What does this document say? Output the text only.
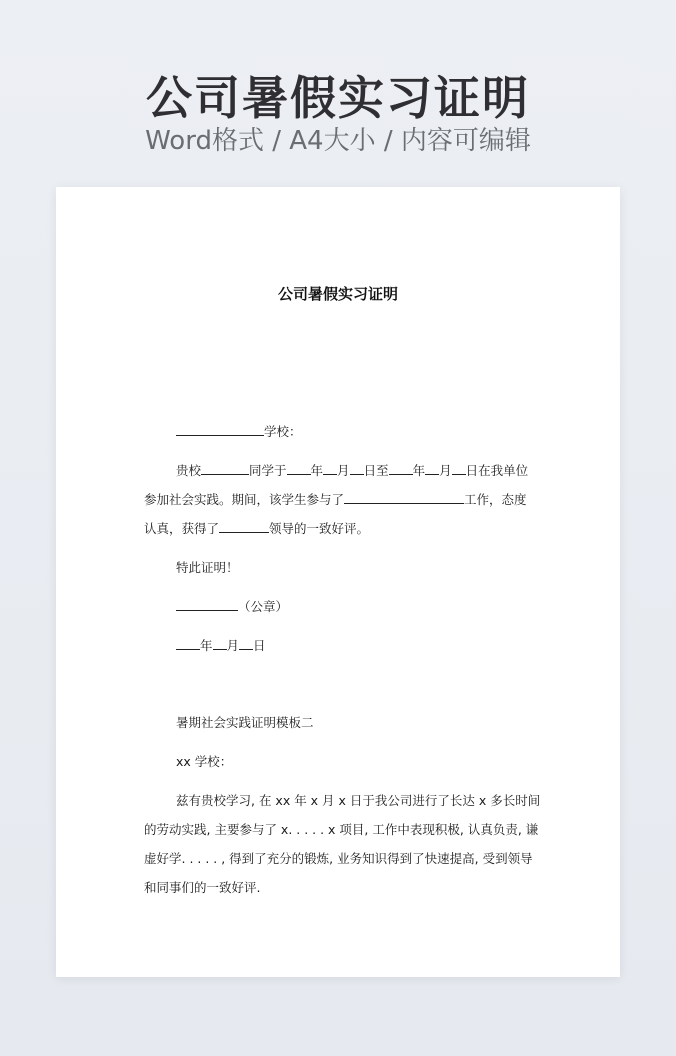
公司暑假实习证明
Word格式 / A4大小 / 内容可编辑
公司暑假实习证明
学校：
贵校	同学于 年 月 日至 年 月 日在我单位
参加社会实践。期间，该学生参与了	工作，态度
认真，获得了	领导的一致好评。
特此证明！
（公章）
年 月 日
暑期社会实践证明模板二
xx 学校：
兹有贵校学习, 在 xx 年 x 月 x 日于我公司进行了长达 x 多长时间
的劳动实践, 主要参与了 x. . . . . x 项目, 工作中表现积极, 认真负责, 谦
虚好学. . . . . , 得到了充分的锻炼, 业务知识得到了快速提高, 受到领导
和同事们的一致好评.
